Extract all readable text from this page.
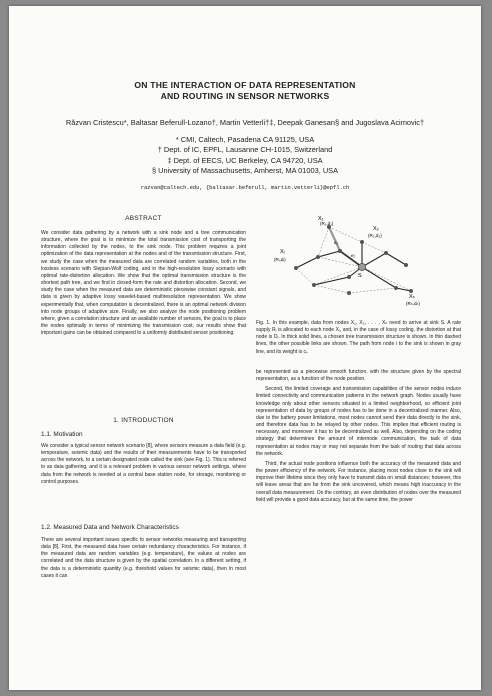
ON THE INTERACTION OF DATA REPRESENTATION
AND ROUTING IN SENSOR NETWORKS
Răzvan Cristescu*, Baltasar Beferull-Lozano†, Martin Vetterli†‡, Deepak Ganesan§ and Jugoslava Acimovic†
* CMI, Caltech, Pasadena CA 91125, USA
† Dept. of IC, EPFL, Lausanne CH-1015, Switzerland
‡ Dept. of EECS, UC Berkeley, CA 94720, USA
§ University of Massachusetts, Amherst, MA 01003, USA
razvan@caltech.edu, {baltasar.beferull, martin.vetterli}@epfl.ch
ABSTRACT

We consider data gathering by a network with a sink node and a tree communication structure, where the goal is to minimize the total transmission cost of transporting the information collected by the nodes, to the sink node. This problem requires a joint optimization of the data representation at the nodes and of the transmission structure. First, we study the case when the measured data are correlated random variables, both in the lossless scenario with Slepian-Wolf coding, and in the high-resolution lossy scenario with optimal rate-distortion allocation. We show that the optimal transmission structure is the shortest path tree, and we find in closed-form the rate and distortion allocation. Second, we study the case when the measured data are deterministic piecewise constant signals, and data is given by adaptive lossy wavelet-based multiresolution representation. We show experimentally that, when computation is decentralized, there is an optimal network division into node groups of adaptive size. Finally, we also analyze the node positioning problem where, given a correlation structure and an available number of sensors, the goal is to place the nodes optimally in terms of minimizing the transmission cost, our results show that important gains can be obtained compared to a uniformly distributed sensor positioning.

1. INTRODUCTION
1.1. Motivation

We consider a typical sensor network scenario [8], where sensors measure a data field (e.g. temperature, seismic data) and the results of their measurements have to be transported across the network, to a certain designated node called the sink (see Fig. 1). This is referred to as data gathering, and it is a relevant problem in various sensor network settings, where data from the network is needed at a central base station node, for storage, monitoring or control purposes.

1.2. Measured Data and Network Characteristics

There are several important issues specific to sensor networks measuring and transporting data [8]. First, the measured data have certain redundancy characteristics. For instance, if the measured data are random variables (e.g. temperature), the values at nodes are correlated and the data structure is given by the spatial correlation. In a different setting, if the data is a deterministic quantity (e.g. threshold values for seismic data), then in most cases it can

X₁
(R₁,d₁)
X₂
(R₂,d₂)
Xᵢ
(Rᵢ,dᵢ)
S
e₁
e₂
Xₙ
(Rₙ,dₙ)

Fig. 1. In this example, data from nodes X₁, X₂, . . . , Xₙ need to arrive at sink S. A rate supply Rᵢ is allocated to each node Xᵢ, and, in the case of lossy coding, the distortion at that node is Dᵢ. In thick solid lines, a chosen tree transmission structure is shown. In thin dashed lines, the other possible links are shown. The path from node i to the sink is shown in gray line, and its weight is cᵢ.

be represented as a piecewise smooth function, with the structure given by the spectral representation, as a function of the node position.

Second, the limited coverage and transmission capabilities of the sensor nodes induce limited connectivity and communication patterns in the network graph. Nodes usually have knowledge only about other sensors situated in a limited neighborhood, so efficient joint representation of data by groups of nodes has to be done in a decentralized manner. Also, due to the battery power limitations, most nodes cannot send their data directly to the sink, and therefore data has to be relayed by other nodes. This implies that efficient routing is necessary, and moreover it has to be decentralized as well. Also, depending on the coding strategy that determines the amount of internode communication, the task of data representation at nodes may or may not separate from the task of routing that data across the network.

Third, the actual node positions influence both the accuracy of the measured data and the power efficiency of the network. For instance, placing most nodes close to the sink will improve their lifetime since they only have to transmit data on small distances; however, this will leave areas that are far from the sink uncovered, which means high inaccuracy in the overall data measurement. On the contrary, an even distribution of nodes over the measured field will provide a good data accuracy, but at the same time, the power
